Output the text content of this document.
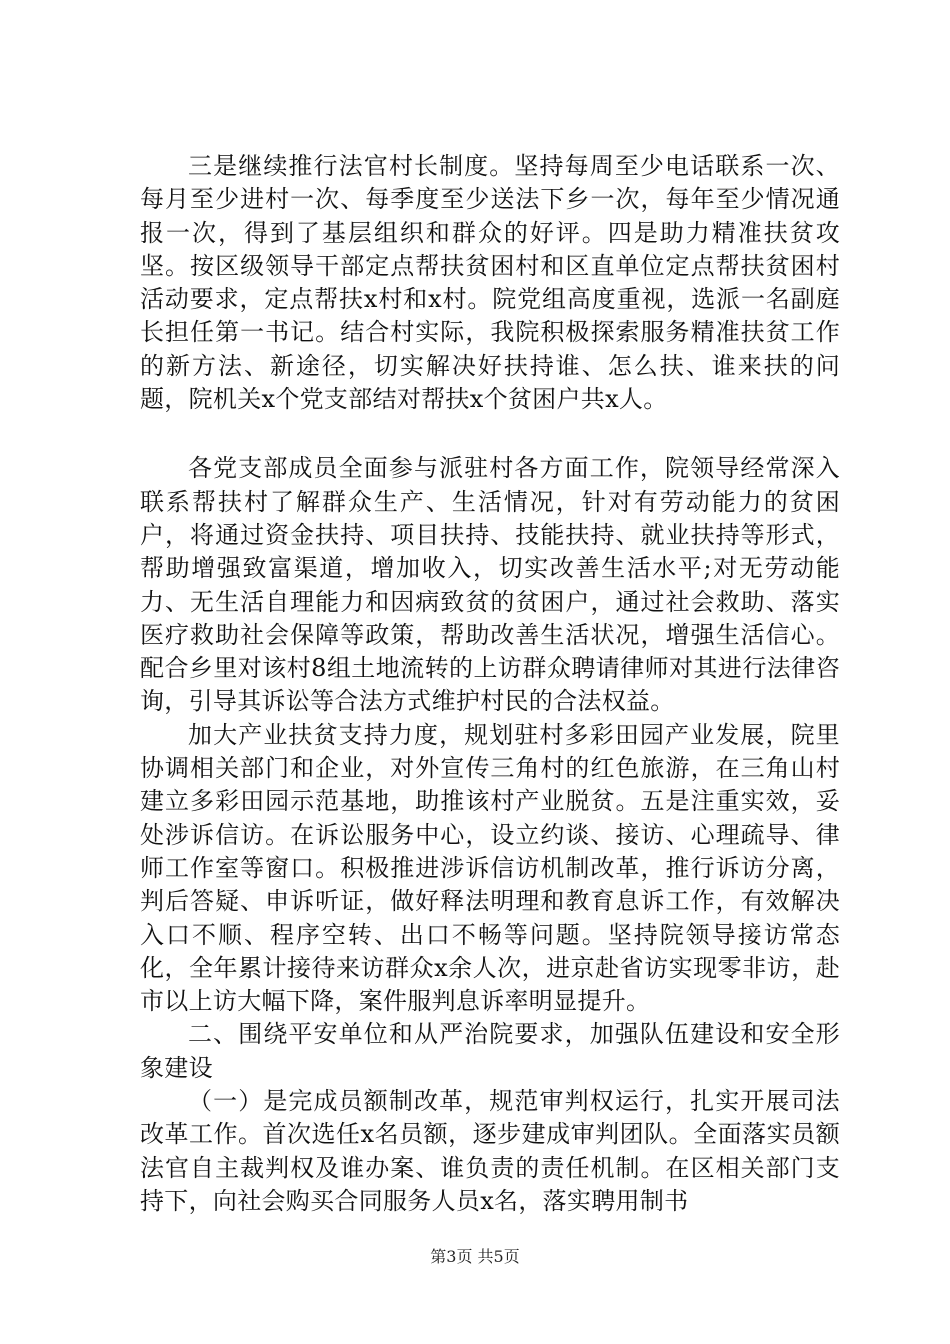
三是继续推行法官村长制度。坚持每周至少电话联系一次、每月至少进村一次、每季度至少送法下乡一次，每年至少情况通报一次，得到了基层组织和群众的好评。四是助力精准扶贫攻坚。按区级领导干部定点帮扶贫困村和区直单位定点帮扶贫困村活动要求，定点帮扶x村和x村。院党组高度重视，选派一名副庭长担任第一书记。结合村实际，我院积极探索服务精准扶贫工作的新方法、新途径，切实解决好扶持谁、怎么扶、谁来扶的问题，院机关x个党支部结对帮扶x个贫困户共x人。

各党支部成员全面参与派驻村各方面工作，院领导经常深入联系帮扶村了解群众生产、生活情况，针对有劳动能力的贫困户，将通过资金扶持、项目扶持、技能扶持、就业扶持等形式，帮助增强致富渠道，增加收入，切实改善生活水平;对无劳动能力、无生活自理能力和因病致贫的贫困户，通过社会救助、落实医疗救助社会保障等政策，帮助改善生活状况，增强生活信心。配合乡里对该村8组土地流转的上访群众聘请律师对其进行法律咨询，引导其诉讼等合法方式维护村民的合法权益。

加大产业扶贫支持力度，规划驻村多彩田园产业发展，院里协调相关部门和企业，对外宣传三角村的红色旅游，在三角山村建立多彩田园示范基地，助推该村产业脱贫。五是注重实效，妥处涉诉信访。在诉讼服务中心，设立约谈、接访、心理疏导、律师工作室等窗口。积极推进涉诉信访机制改革，推行诉访分离，判后答疑、申诉听证，做好释法明理和教育息诉工作，有效解决入口不顺、程序空转、出口不畅等问题。坚持院领导接访常态化，全年累计接待来访群众x余人次，进京赴省访实现零非访，赴市以上访大幅下降，案件服判息诉率明显提升。

二、围绕平安单位和从严治院要求，加强队伍建设和安全形象建设

（一）是完成员额制改革，规范审判权运行，扎实开展司法改革工作。首次选任x名员额，逐步建成审判团队。全面落实员额法官自主裁判权及谁办案、谁负责的责任机制。在区相关部门支持下，向社会购买合同服务人员x名，落实聘用制书

第3页 共5页
